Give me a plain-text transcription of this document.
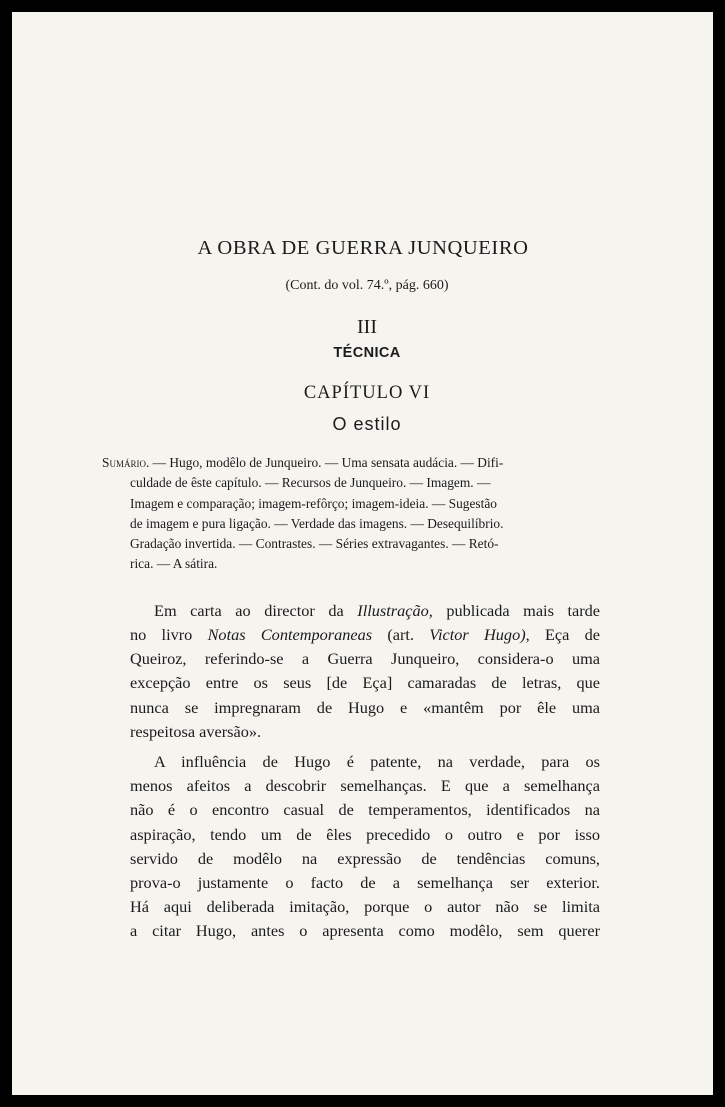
A OBRA DE GUERRA JUNQUEIRO
(Cont. do vol. 74.º, pág. 660)
III
TÉCNICA
CAPÍTULO VI
O estilo
Sumário. — Hugo, modêlo de Junqueiro. — Uma sensata audácia. — Difi-
culdade de êste capítulo. — Recursos de Junqueiro. — Imagem. —
Imagem e comparação; imagem-refôrço; imagem-ideia. — Sugestão
de imagem e pura ligação. — Verdade das imagens. — Desequilíbrio.
Gradação invertida. — Contrastes. — Séries extravagantes. — Retó-
rica. — A sátira.
Em carta ao director da Illustração, publicada mais tarde
no livro Notas Contemporaneas (art. Victor Hugo), Eça de
Queiroz, referindo-se a Guerra Junqueiro, considera-o uma
excepção entre os seus [de Eça] camaradas de letras, que
nunca se impregnaram de Hugo e «mantêm por êle uma
respeitosa aversão».
A influência de Hugo é patente, na verdade, para os
menos afeitos a descobrir semelhanças. E que a semelhança
não é o encontro casual de temperamentos, identificados na
aspiração, tendo um de êles precedido o outro e por isso
servido de modêlo na expressão de tendências comuns,
prova-o justamente o facto de a semelhança ser exterior.
Há aqui deliberada imitação, porque o autor não se limita
a citar Hugo, antes o apresenta como modêlo, sem querer
